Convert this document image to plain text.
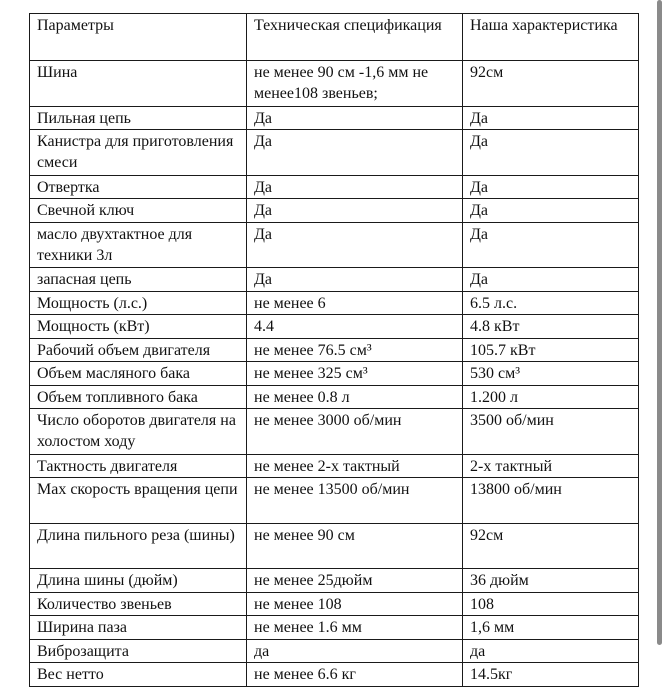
Параметры	Техническая спецификация	Наша характеристика
Шина	не менее 90 см -1,6 мм не менее108 звеньев;	92см
Пильная цепь	Да	Да
Канистра для приготовления смеси	Да	Да
Отвертка	Да	Да
Свечной ключ	Да	Да
масло двухтактное для техники 3л	Да	Да
запасная цепь	Да	Да
Мощность (л.с.)	не менее 6	6.5 л.с.
Мощность (кВт)	4.4	4.8 кВт
Рабочий объем двигателя	не менее 76.5 см³	105.7 кВт
Объем масляного бака	не менее 325 см³	530 см³
Объем топливного бака	не менее 0.8 л	1.200 л
Число оборотов двигателя на холостом ходу	не менее 3000 об/мин	3500 об/мин
Тактность двигателя	не менее 2-х тактный	2-х тактный
Max скорость вращения цепи	не менее 13500 об/мин	13800 об/мин
Длина пильного реза (шины)	не менее 90 см	92см
Длина шины (дюйм)	не менее 25дюйм	36 дюйм
Количество звеньев	не менее 108	108
Ширина паза	не менее 1.6 мм	1,6 мм
Виброзащита	да	да
Вес нетто	не менее 6.6 кг	14.5кг
